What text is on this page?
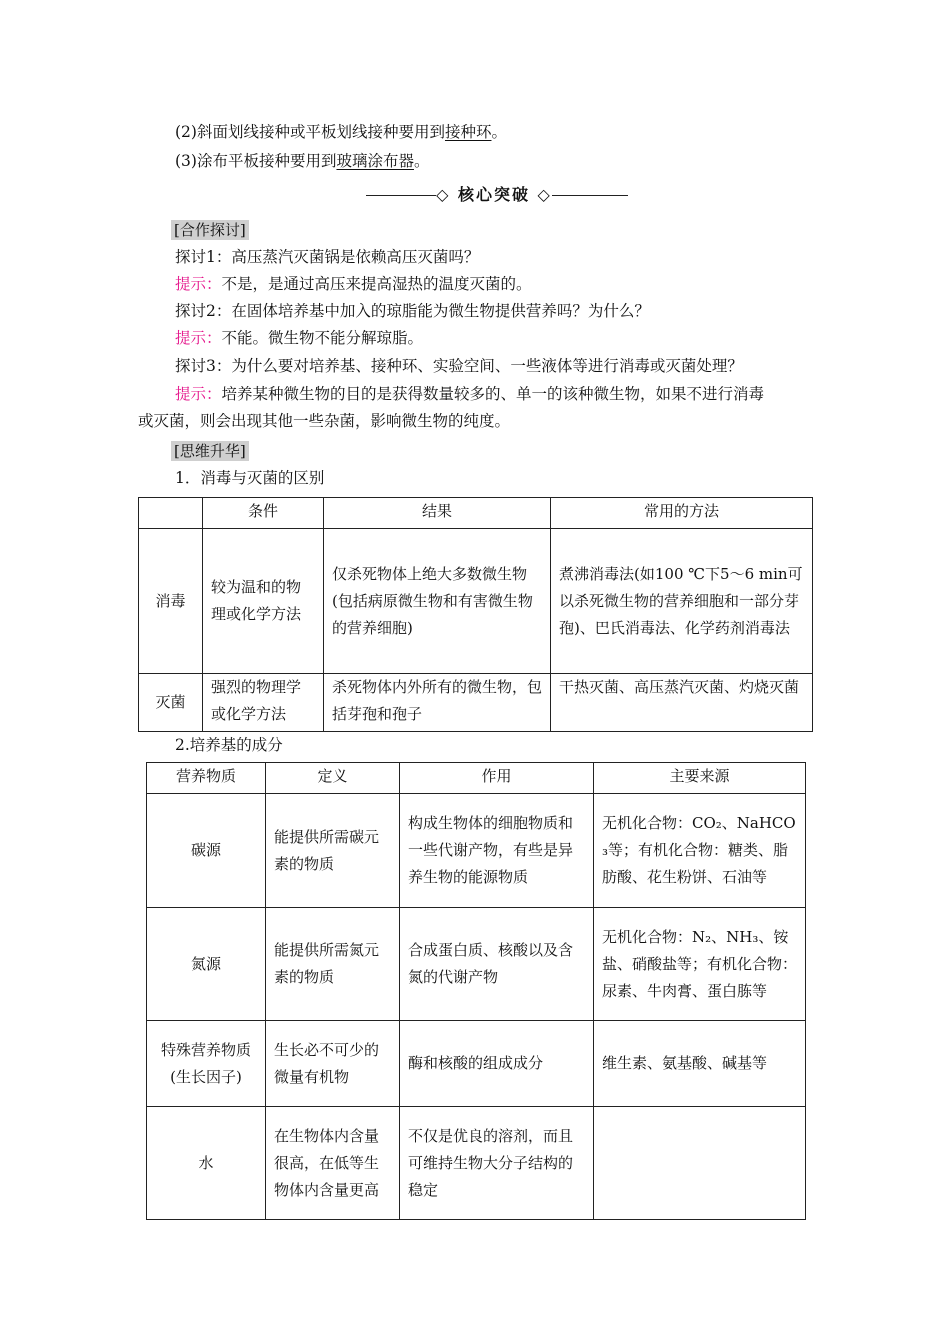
(2)斜面划线接种或平板划线接种要用到接种环。
(3)涂布平板接种要用到玻璃涂布器。
◇ 核心突破 ◇
[合作探讨]
探讨1：高压蒸汽灭菌锅是依赖高压灭菌吗？
提示：不是，是通过高压来提高湿热的温度灭菌的。
探讨2：在固体培养基中加入的琼脂能为微生物提供营养吗？为什么？
提示：不能。微生物不能分解琼脂。
探讨3：为什么要对培养基、接种环、实验空间、一些液体等进行消毒或灭菌处理？
提示：培养某种微生物的目的是获得数量较多的、单一的该种微生物，如果不进行消毒
或灭菌，则会出现其他一些杂菌，影响微生物的纯度。
[思维升华]
1．消毒与灭菌的区别
	条件	结果	常用的方法
消毒	较为温和的物理或化学方法	仅杀死物体上绝大多数微生物(包括病原微生物和有害微生物的营养细胞)	煮沸消毒法(如100 ℃下5～6 min可以杀死微生物的营养细胞和一部分芽孢)、巴氏消毒法、化学药剂消毒法
灭菌	强烈的物理学或化学方法	杀死物体内外所有的微生物，包括芽孢和孢子	干热灭菌、高压蒸汽灭菌、灼烧灭菌
2.培养基的成分
营养物质	定义	作用	主要来源
碳源	能提供所需碳元素的物质	构成生物体的细胞物质和一些代谢产物，有些是异养生物的能源物质	无机化合物：CO₂、NaHCO₃等；有机化合物：糖类、脂肪酸、花生粉饼、石油等
氮源	能提供所需氮元素的物质	合成蛋白质、核酸以及含氮的代谢产物	无机化合物：N₂、NH₃、铵盐、硝酸盐等；有机化合物：尿素、牛肉膏、蛋白胨等
特殊营养物质(生长因子)	生长必不可少的微量有机物	酶和核酸的组成成分	维生素、氨基酸、碱基等
水	在生物体内含量很高，在低等生物体内含量更高	不仅是优良的溶剂，而且可维持生物大分子结构的稳定	
